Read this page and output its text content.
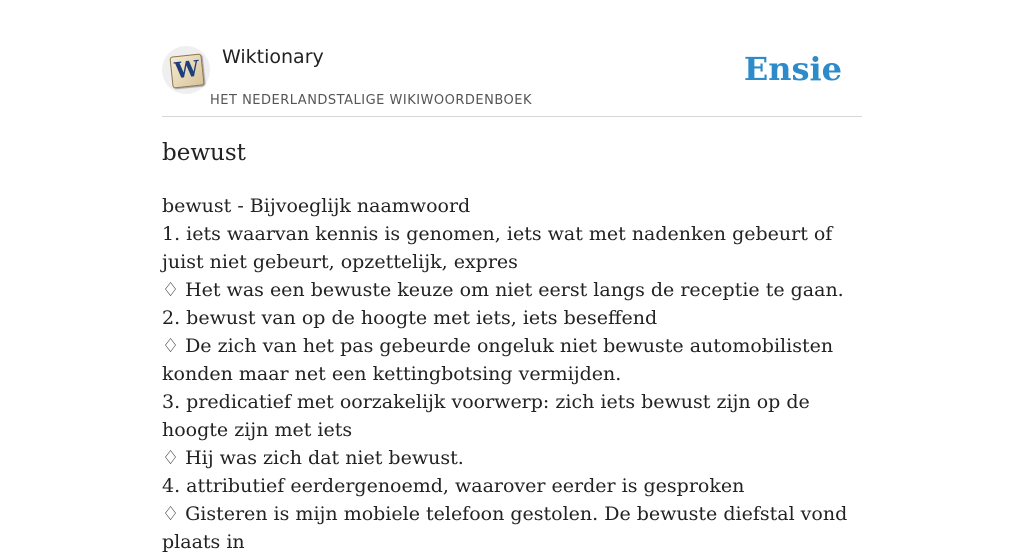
W Wiktionary
HET NEDERLANDSTALIGE WIKIWOORDENBOEK
Ensie
bewust
bewust - Bijvoeglijk naamwoord
1. iets waarvan kennis is genomen, iets wat met nadenken gebeurt of juist niet gebeurt, opzettelijk, expres
♢ Het was een bewuste keuze om niet eerst langs de receptie te gaan.
2. bewust van op de hoogte met iets, iets beseffend
♢ De zich van het pas gebeurde ongeluk niet bewuste automobilisten konden maar net een kettingbotsing vermijden.
3. predicatief met oorzakelijk voorwerp: zich iets bewust zijn op de hoogte zijn met iets
♢ Hij was zich dat niet bewust.
4. attributief eerdergenoemd, waarover eerder is gesproken
♢ Gisteren is mijn mobiele telefoon gestolen. De bewuste diefstal vond plaats in
